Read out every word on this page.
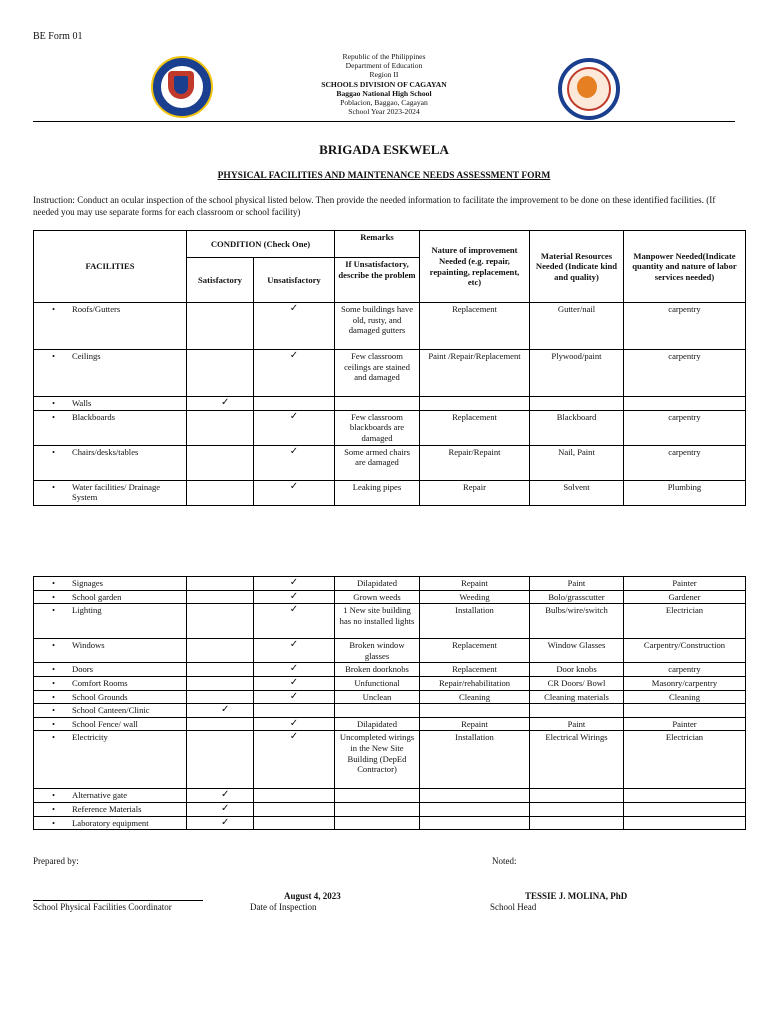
BE Form 01
Republic of the Philippines
Department of Education
Region II
SCHOOLS DIVISION OF CAGAYAN
Baggao National High School
Poblacion, Baggao, Cagayan
School Year 2023-2024
BRIGADA ESKWELA
PHYSICAL FACILITIES AND MAINTENANCE NEEDS ASSESSMENT FORM
Instruction: Conduct an ocular inspection of the school physical listed below. Then provide the needed information to facilitate the improvement to be done on these identified facilities. (If needed you may use separate forms for each classroom or school facility)
FACILITIES	CONDITION (Check One)		Remarks	Nature of improvement Needed (e.g. repair, repainting, replacement, etc)	Material Resources Needed (Indicate kind and quality)	Manpower Needed(Indicate quantity and nature of labor services needed)
	Satisfactory	Unsatisfactory	If Unsatisfactory, describe the problem			

• Roofs/Gutters		✓	Some buildings have old, rusty, and damaged gutters	Replacement	Gutter/nail	carpentry

• Ceilings		✓	Few classroom ceilings are stained and damaged	Paint /Repair/Replacement	Plywood/paint	carpentry

• Walls	✓					

• Blackboards		✓	Few classroom blackboards are damaged	Replacement	Blackboard	carpentry

• Chairs/desks/tables		✓	Some armed chairs are damaged	Repair/Repaint	Nail, Paint	carpentry

• Water facilities/ Drainage System		✓	Leaking pipes	Repair	Solvent	Plumbing
• Signages		✓	Dilapidated	Repaint	Paint	Painter

• School garden		✓	Grown weeds	Weeding	Bolo/grasscutter	Gardener

• Lighting		✓	1 New site building has no installed lights	Installation	Bulbs/wire/switch	Electrician

• Windows		✓	Broken window glasses	Replacement	Window Glasses	Carpentry/Construction

• Doors		✓	Broken doorknobs	Replacement	Door knobs	carpentry

• Comfort Rooms		✓	Unfunctional	Repair/rehabilitation	CR Doors/ Bowl	Masonry/carpentry

• School Grounds		✓	Unclean	Cleaning	Cleaning materials	Cleaning

• School Canteen/Clinic	✓					

• School Fence/ wall		✓	Dilapidated	Repaint	Paint	Painter

• Electricity		✓	Uncompleted wirings in the New Site Building (DepEd Contractor)	Installation	Electrical Wirings	Electrician

• Alternative gate	✓					

• Reference Materials	✓					

• Laboratory equipment	✓					
Prepared by:	Noted:
August 4, 2023	TESSIE J. MOLINA, PhD
School Physical Facilities Coordinator	Date of Inspection	School Head
